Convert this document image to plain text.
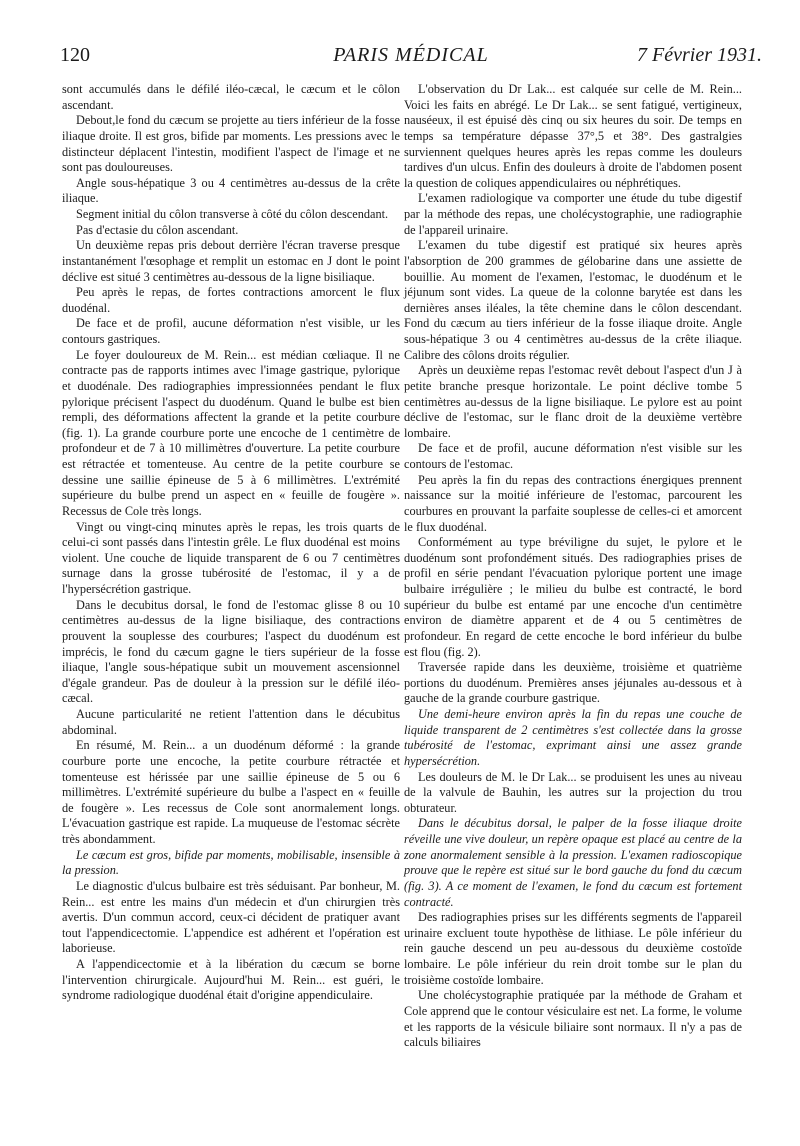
120	PARIS MÉDICAL	7 Février 1931.

sont accumulés dans le défilé iléo-cæcal, le cæcum et le côlon ascendant.

Debout,le fond du cæcum se projette au tiers inférieur de la fosse iliaque droite. Il est gros, bifide par moments. Les pressions avec le distincteur déplacent l'intestin, modifient l'aspect de l'image et ne sont pas douloureuses.

Angle sous-hépatique 3 ou 4 centimètres au-dessus de la crête iliaque.

Segment initial du côlon transverse à côté du côlon descendant.

Pas d'ectasie du côlon ascendant.

Un deuxième repas pris debout derrière l'écran traverse presque instantanément l'œsophage et remplit un estomac en J dont le point déclive est situé 3 centimètres au-dessous de la ligne bisiliaque.

Peu après le repas, de fortes contractions amorcent le flux duodénal.

De face et de profil, aucune déformation n'est visible, ur les contours gastriques.

Le foyer douloureux de M. Rein... est médian cœliaque. Il ne contracte pas de rapports intimes avec l'image gastrique, pylorique et duodénale. Des radiographies impressionnées pendant le flux pylorique précisent l'aspect du duodénum. Quand le bulbe est bien rempli, des déformations affectent la grande et la petite courbure (fig. 1). La grande courbure porte une encoche de 1 centimètre de profondeur et de 7 à 10 millimètres d'ouverture. La petite courbure est rétractée et tomenteuse. Au centre de la petite courbure se dessine une saillie épineuse de 5 à 6 millimètres. L'extrémité supérieure du bulbe prend un aspect en « feuille de fougère ». Recessus de Cole très longs.

Vingt ou vingt-cinq minutes après le repas, les trois quarts de celui-ci sont passés dans l'intestin grêle. Le flux duodénal est moins violent. Une couche de liquide transparent de 6 ou 7 centimètres surnage dans la grosse tubérosité de l'estomac, il y a de l'hypersécrétion gastrique.

Dans le decubitus dorsal, le fond de l'estomac glisse 8 ou 10 centimètres au-dessus de la ligne bisiliaque, des contractions prouvent la souplesse des courbures; l'aspect du duodénum est imprécis, le fond du cæcum gagne le tiers supérieur de la fosse iliaque, l'angle sous-hépatique subit un mouvement ascensionnel d'égale grandeur. Pas de douleur à la pression sur le défilé iléo-cæcal.

Aucune particularité ne retient l'attention dans le décubitus abdominal.

En résumé, M. Rein... a un duodénum déformé : la grande courbure porte une encoche, la petite courbure rétractée et tomenteuse est hérissée par une saillie épineuse de 5 ou 6 millimètres. L'extrémité supérieure du bulbe a l'aspect en « feuille de fougère ». Les recessus de Cole sont anormalement longs. L'évacuation gastrique est rapide. La muqueuse de l'estomac sécrète très abondamment.

Le cæcum est gros, bifide par moments, mobilisable, insensible à la pression.

Le diagnostic d'ulcus bulbaire est très séduisant. Par bonheur, M. Rein... est entre les mains d'un médecin et d'un chirurgien très avertis. D'un commun accord, ceux-ci décident de pratiquer avant tout l'appendicectomie. L'appendice est adhérent et l'opération est laborieuse.

A l'appendicectomie et à la libération du cæcum se borne l'intervention chirurgicale. Aujourd'hui M. Rein... est guéri, le syndrome radiologique duodénal était d'origine appendiculaire.

L'observation du Dr Lak... est calquée sur celle de M. Rein... Voici les faits en abrégé. Le Dr Lak... se sent fatigué, vertigineux, nauséeux, il est épuisé dès cinq ou six heures du soir. De temps en temps sa température dépasse 37°,5 et 38°. Des gastralgies surviennent quelques heures après les repas comme les douleurs tardives d'un ulcus. Enfin des douleurs à droite de l'abdomen posent la question de coliques appendiculaires ou néphrétiques.

L'examen radiologique va comporter une étude du tube digestif par la méthode des repas, une cholécystographie, une radiographie de l'appareil urinaire.

L'examen du tube digestif est pratiqué six heures après l'absorption de 200 grammes de gélobarine dans une assiette de bouillie. Au moment de l'examen, l'estomac, le duodénum et le jéjunum sont vides. La queue de la colonne barytée est dans les dernières anses iléales, la tête chemine dans le côlon descendant. Fond du cæcum au tiers inférieur de la fosse iliaque droite. Angle sous-hépatique 3 ou 4 centimètres au-dessus de la crête iliaque. Calibre des côlons droits régulier.

Après un deuxième repas l'estomac revêt debout l'aspect d'un J à petite branche presque horizontale. Le point déclive tombe 5 centimètres au-dessus de la ligne bisiliaque. Le pylore est au point déclive de l'estomac, sur le flanc droit de la deuxième vertèbre lombaire.

De face et de profil, aucune déformation n'est visible sur les contours de l'estomac.

Peu après la fin du repas des contractions énergiques prennent naissance sur la moitié inférieure de l'estomac, parcourent les courbures en prouvant la parfaite souplesse de celles-ci et amorcent le flux duodénal.

Conformément au type bréviligne du sujet, le pylore et le duodénum sont profondément situés. Des radiographies prises de profil en série pendant l'évacuation pylorique portent une image bulbaire irrégulière ; le milieu du bulbe est contracté, le bord supérieur du bulbe est entamé par une encoche d'un centimètre environ de diamètre apparent et de 4 ou 5 centimètres de profondeur. En regard de cette encoche le bord inférieur du bulbe est flou (fig. 2).

Traversée rapide dans les deuxième, troisième et quatrième portions du duodénum. Premières anses jéjunales au-dessous et à gauche de la grande courbure gastrique.

Une demi-heure environ après la fin du repas une couche de liquide transparent de 2 centimètres s'est collectée dans la grosse tubérosité de l'estomac, exprimant ainsi une assez grande hypersécrétion.

Les douleurs de M. le Dr Lak... se produisent les unes au niveau de la valvule de Bauhin, les autres sur la projection du trou obturateur.

Dans le décubitus dorsal, le palper de la fosse iliaque droite réveille une vive douleur, un repère opaque est placé au centre de la zone anormalement sensible à la pression. L'examen radioscopique prouve que le repère est situé sur le bord gauche du fond du cæcum (fig. 3). A ce moment de l'examen, le fond du cæcum est fortement contracté.

Des radiographies prises sur les différents segments de l'appareil urinaire excluent toute hypothèse de lithiase. Le pôle inférieur du rein gauche descend un peu au-dessous du deuxième costoïde lombaire. Le pôle inférieur du rein droit tombe sur le plan du troisième costoïde lombaire.

Une cholécystographie pratiquée par la méthode de Graham et Cole apprend que le contour vésiculaire est net. La forme, le volume et les rapports de la vésicule biliaire sont normaux. Il n'y a pas de calculs biliaires
